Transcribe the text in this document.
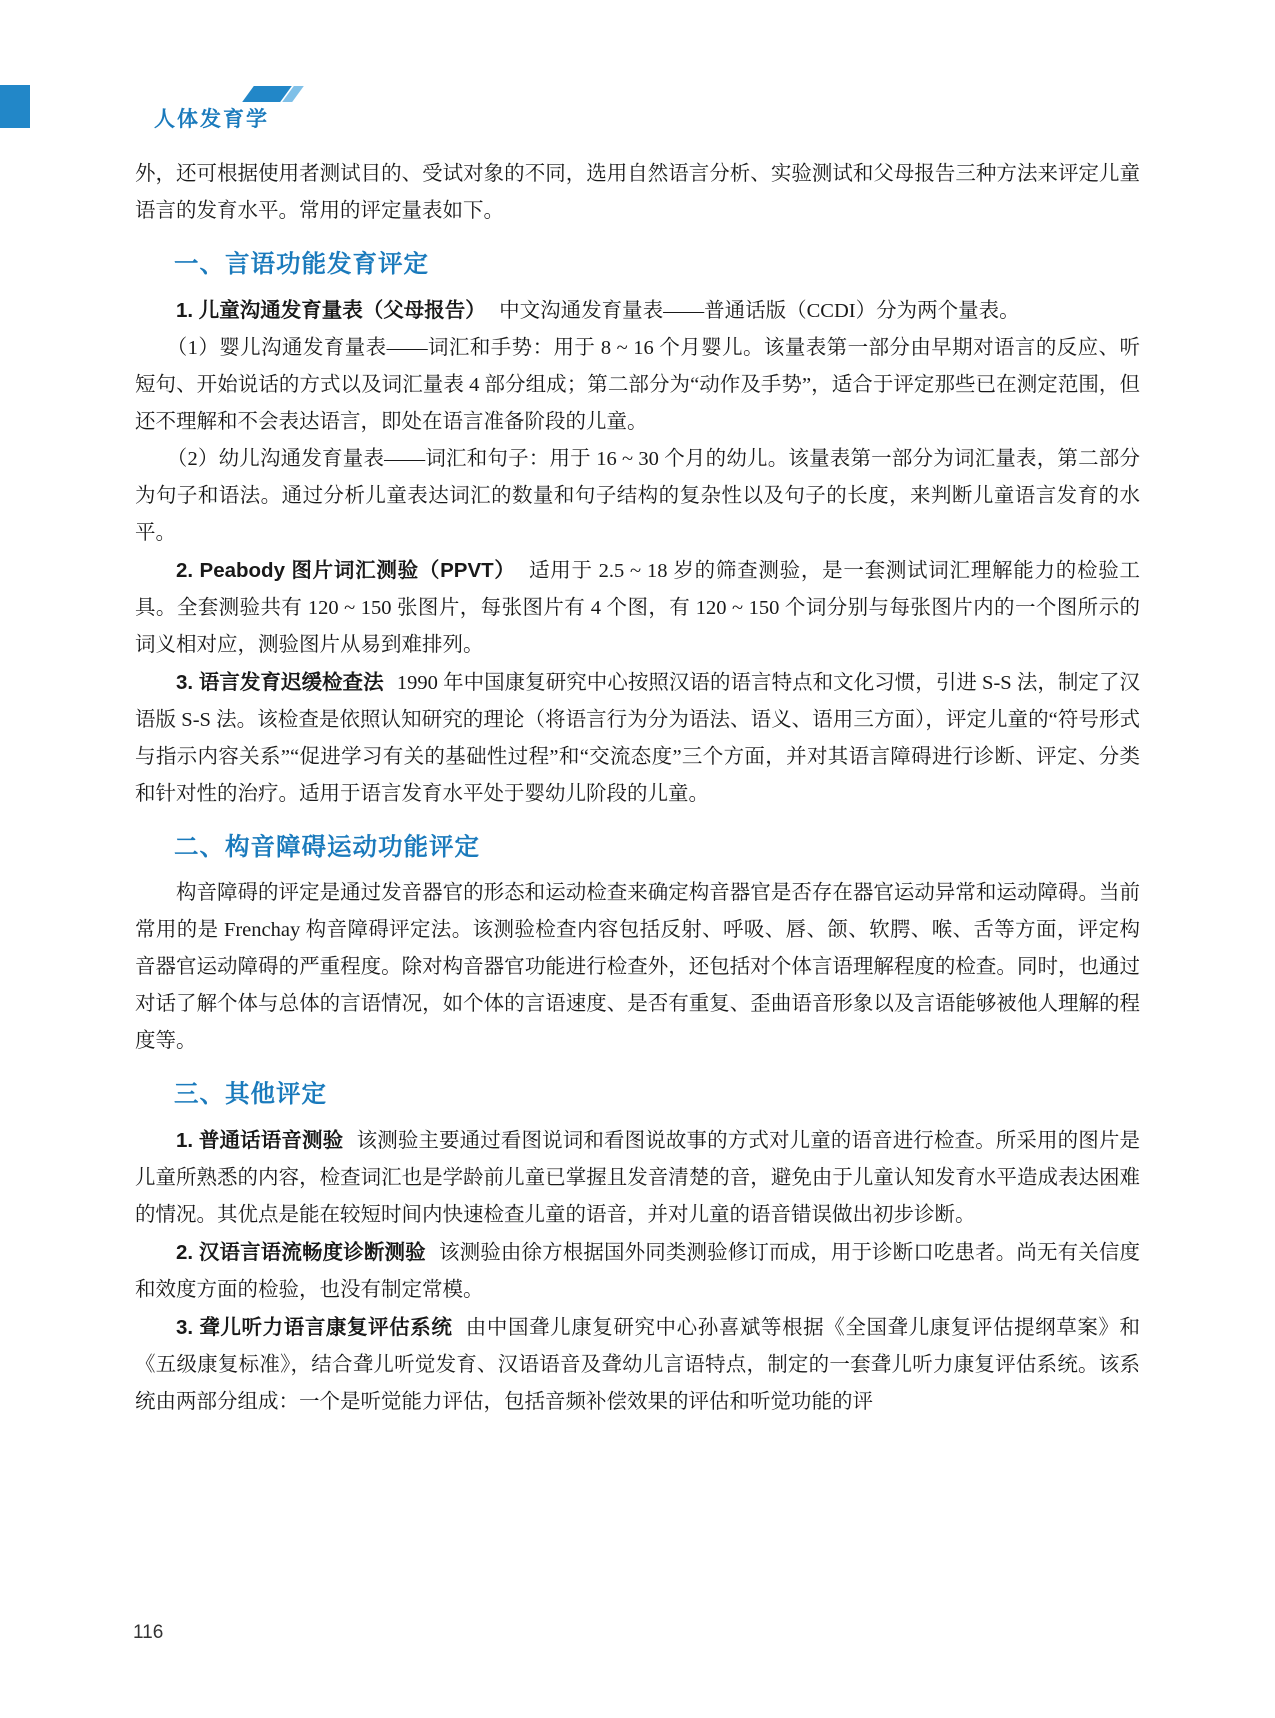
人体发育学

外，还可根据使用者测试目的、受试对象的不同，选用自然语言分析、实验测试和父母报告三种方法来评定儿童语言的发育水平。常用的评定量表如下。

一、言语功能发育评定

1. 儿童沟通发育量表（父母报告） 中文沟通发育量表——普通话版（CCDI）分为两个量表。

（1）婴儿沟通发育量表——词汇和手势：用于 8 ~ 16 个月婴儿。该量表第一部分由早期对语言的反应、听短句、开始说话的方式以及词汇量表 4 部分组成；第二部分为“动作及手势”，适合于评定那些已在测定范围，但还不理解和不会表达语言，即处在语言准备阶段的儿童。

（2）幼儿沟通发育量表——词汇和句子：用于 16 ~ 30 个月的幼儿。该量表第一部分为词汇量表，第二部分为句子和语法。通过分析儿童表达词汇的数量和句子结构的复杂性以及句子的长度，来判断儿童语言发育的水平。

2. Peabody 图片词汇测验（PPVT） 适用于 2.5 ~ 18 岁的筛查测验，是一套测试词汇理解能力的检验工具。全套测验共有 120 ~ 150 张图片，每张图片有 4 个图，有 120 ~ 150 个词分别与每张图片内的一个图所示的词义相对应，测验图片从易到难排列。

3. 语言发育迟缓检查法 1990 年中国康复研究中心按照汉语的语言特点和文化习惯，引进 S-S 法，制定了汉语版 S-S 法。该检查是依照认知研究的理论（将语言行为分为语法、语义、语用三方面），评定儿童的“符号形式与指示内容关系”“促进学习有关的基础性过程”和“交流态度”三个方面，并对其语言障碍进行诊断、评定、分类和针对性的治疗。适用于语言发育水平处于婴幼儿阶段的儿童。

二、构音障碍运动功能评定

构音障碍的评定是通过发音器官的形态和运动检查来确定构音器官是否存在器官运动异常和运动障碍。当前常用的是 Frenchay 构音障碍评定法。该测验检查内容包括反射、呼吸、唇、颌、软腭、喉、舌等方面，评定构音器官运动障碍的严重程度。除对构音器官功能进行检查外，还包括对个体言语理解程度的检查。同时，也通过对话了解个体与总体的言语情况，如个体的言语速度、是否有重复、歪曲语音形象以及言语能够被他人理解的程度等。

三、其他评定

1. 普通话语音测验 该测验主要通过看图说词和看图说故事的方式对儿童的语音进行检查。所采用的图片是儿童所熟悉的内容，检查词汇也是学龄前儿童已掌握且发音清楚的音，避免由于儿童认知发育水平造成表达困难的情况。其优点是能在较短时间内快速检查儿童的语音，并对儿童的语音错误做出初步诊断。

2. 汉语言语流畅度诊断测验 该测验由徐方根据国外同类测验修订而成，用于诊断口吃患者。尚无有关信度和效度方面的检验，也没有制定常模。

3. 聋儿听力语言康复评估系统 由中国聋儿康复研究中心孙喜斌等根据《全国聋儿康复评估提纲草案》和《五级康复标准》，结合聋儿听觉发育、汉语语音及聋幼儿言语特点，制定的一套聋儿听力康复评估系统。该系统由两部分组成：一个是听觉能力评估，包括音频补偿效果的评估和听觉功能的评

116
